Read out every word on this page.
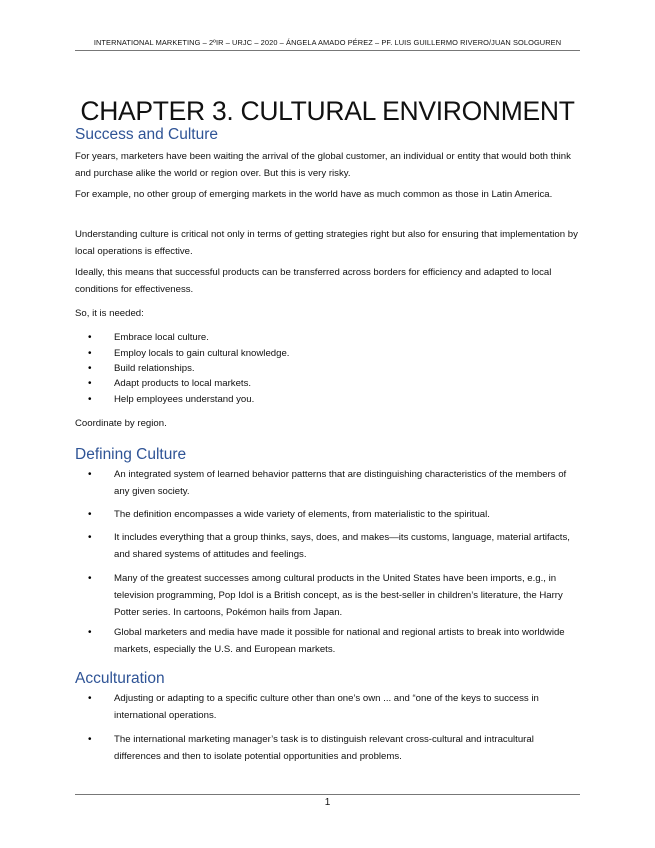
INTERNATIONAL MARKETING – 2ºIR – URJC – 2020 – ÁNGELA AMADO PÉREZ – PF. LUIS GUILLERMO RIVERO/JUAN SOLOGUREN
CHAPTER 3. CULTURAL ENVIRONMENT
Success and Culture

For years, marketers have been waiting the arrival of the global customer, an individual or entity that would both think and purchase alike the world or region over. But this is very risky.

For example, no other group of emerging markets in the world have as much common as those in Latin America.

Understanding culture is critical not only in terms of getting strategies right but also for ensuring that implementation by local operations is effective.

Ideally, this means that successful products can be transferred across borders for efficiency and adapted to local conditions for effectiveness.

So, it is needed:

•	Embrace local culture.
•	Employ locals to gain cultural knowledge.
•	Build relationships.
•	Adapt products to local markets.
•	Help employees understand you.

Coordinate by region.

Defining Culture
•	An integrated system of learned behavior patterns that are distinguishing characteristics of the members of any given society.
•	The definition encompasses a wide variety of elements, from materialistic to the spiritual.
•	It includes everything that a group thinks, says, does, and makes—its customs, language, material artifacts, and shared systems of attitudes and feelings.
•	Many of the greatest successes among cultural products in the United States have been imports, e.g., in television programming, Pop Idol is a British concept, as is the best-seller in children’s literature, the Harry Potter series. In cartoons, Pokémon hails from Japan.
•	Global marketers and media have made it possible for national and regional artists to break into worldwide markets, especially the U.S. and European markets.
Acculturation
•	Adjusting or adapting to a specific culture other than one’s own ... and “one of the keys to success in international operations.
•	The international marketing manager’s task is to distinguish relevant cross-cultural and intracultural differences and then to isolate potential opportunities and problems.
1
